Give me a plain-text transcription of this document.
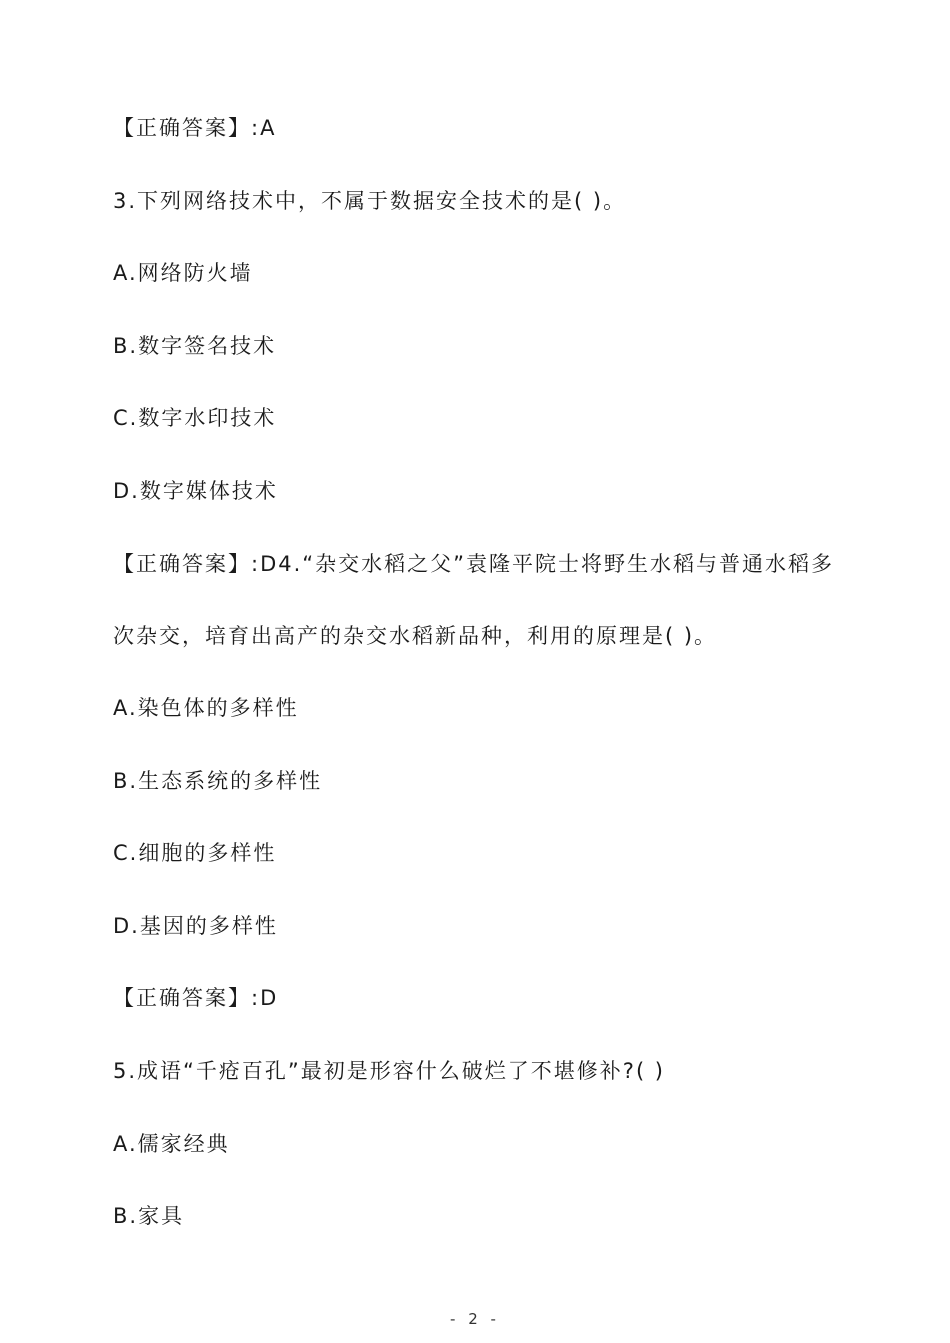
【正确答案】:A
3.下列网络技术中，不属于数据安全技术的是( )。
A.网络防火墙
B.数字签名技术
C.数字水印技术
D.数字媒体技术
【正确答案】:D4.“杂交水稻之父”袁隆平院士将野生水稻与普通水稻多
次杂交，培育出高产的杂交水稻新品种，利用的原理是( )。
A.染色体的多样性
B.生态系统的多样性
C.细胞的多样性
D.基因的多样性
【正确答案】:D
5.成语“千疮百孔”最初是形容什么破烂了不堪修补?( )
A.儒家经典
B.家具
- 2 -
